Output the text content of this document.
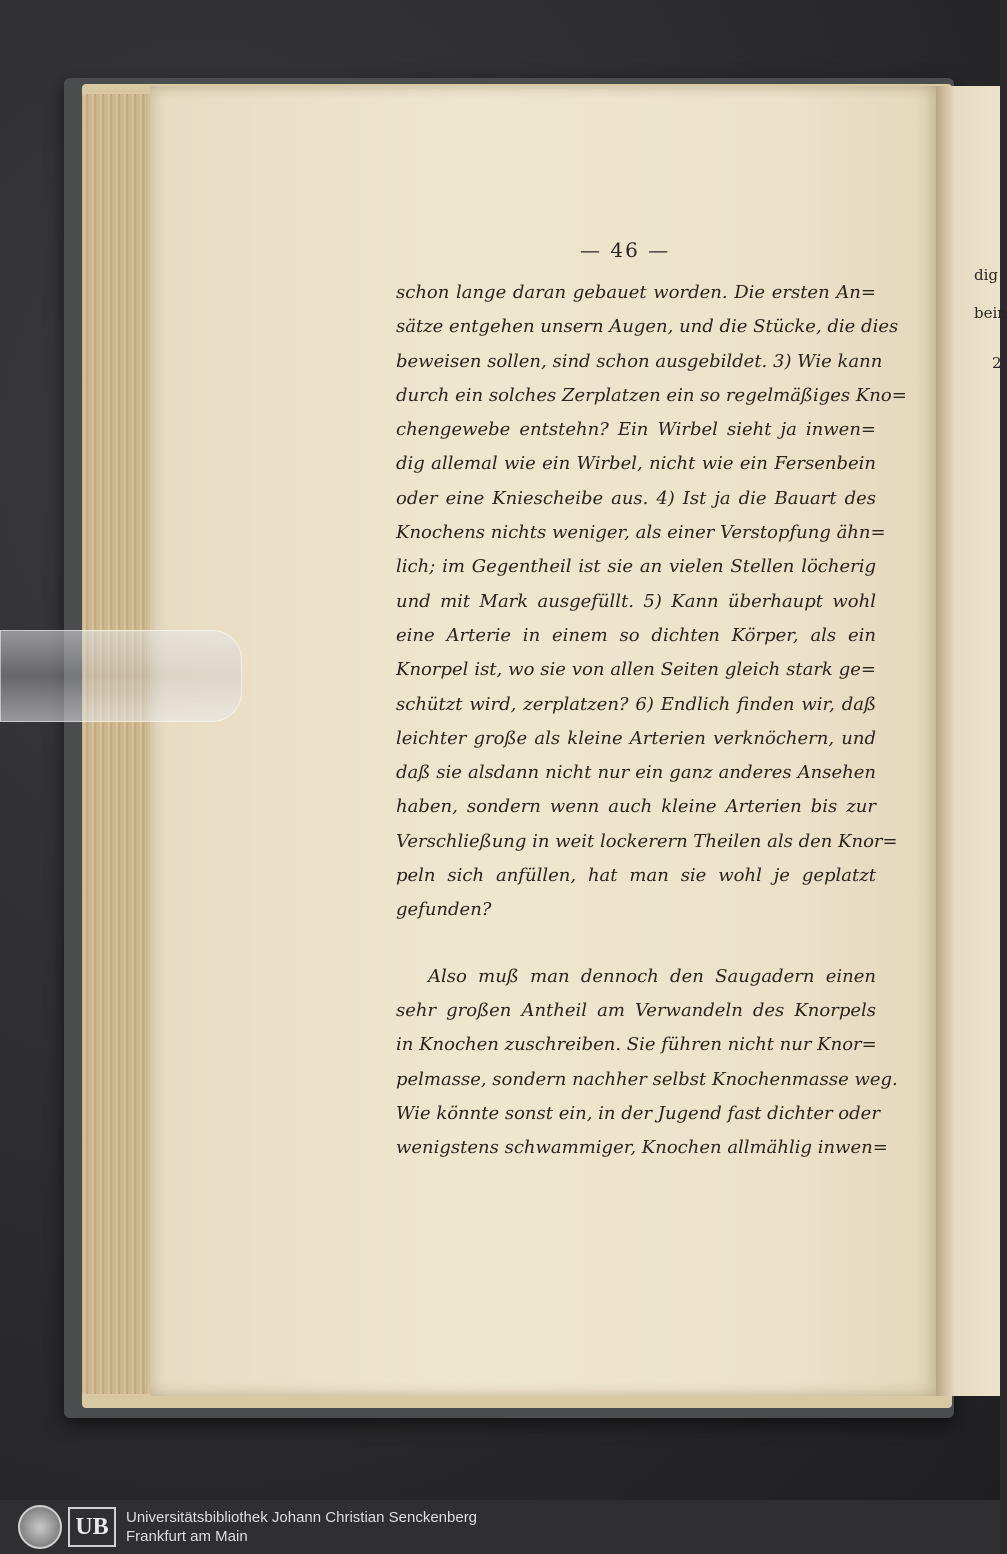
dig
bein
2
— 46 —
schon lange daran gebauet worden. Die ersten An=
sätze entgehen unsern Augen, und die Stücke, die dies
beweisen sollen, sind schon ausgebildet. 3) Wie kann
durch ein solches Zerplatzen ein so regelmäßiges Kno=
chengewebe entstehn? Ein Wirbel sieht ja inwen=
dig allemal wie ein Wirbel, nicht wie ein Fersenbein
oder eine Kniescheibe aus. 4) Ist ja die Bauart des
Knochens nichts weniger, als einer Verstopfung ähn=
lich; im Gegentheil ist sie an vielen Stellen löcherig
und mit Mark ausgefüllt. 5) Kann überhaupt wohl
eine Arterie in einem so dichten Körper, als ein
Knorpel ist, wo sie von allen Seiten gleich stark ge=
schützt wird, zerplatzen? 6) Endlich finden wir, daß
leichter große als kleine Arterien verknöchern, und
daß sie alsdann nicht nur ein ganz anderes Ansehen
haben, sondern wenn auch kleine Arterien bis zur
Verschließung in weit lockerern Theilen als den Knor=
peln sich anfüllen, hat man sie wohl je geplatzt
gefunden?
Also muß man dennoch den Saugadern einen
sehr großen Antheil am Verwandeln des Knorpels
in Knochen zuschreiben. Sie führen nicht nur Knor=
pelmasse, sondern nachher selbst Knochenmasse weg.
Wie könnte sonst ein, in der Jugend fast dichter oder
wenigstens schwammiger, Knochen allmählig inwen=
UB	Universitätsbibliothek Johann Christian Senckenberg
Frankfurt am Main
